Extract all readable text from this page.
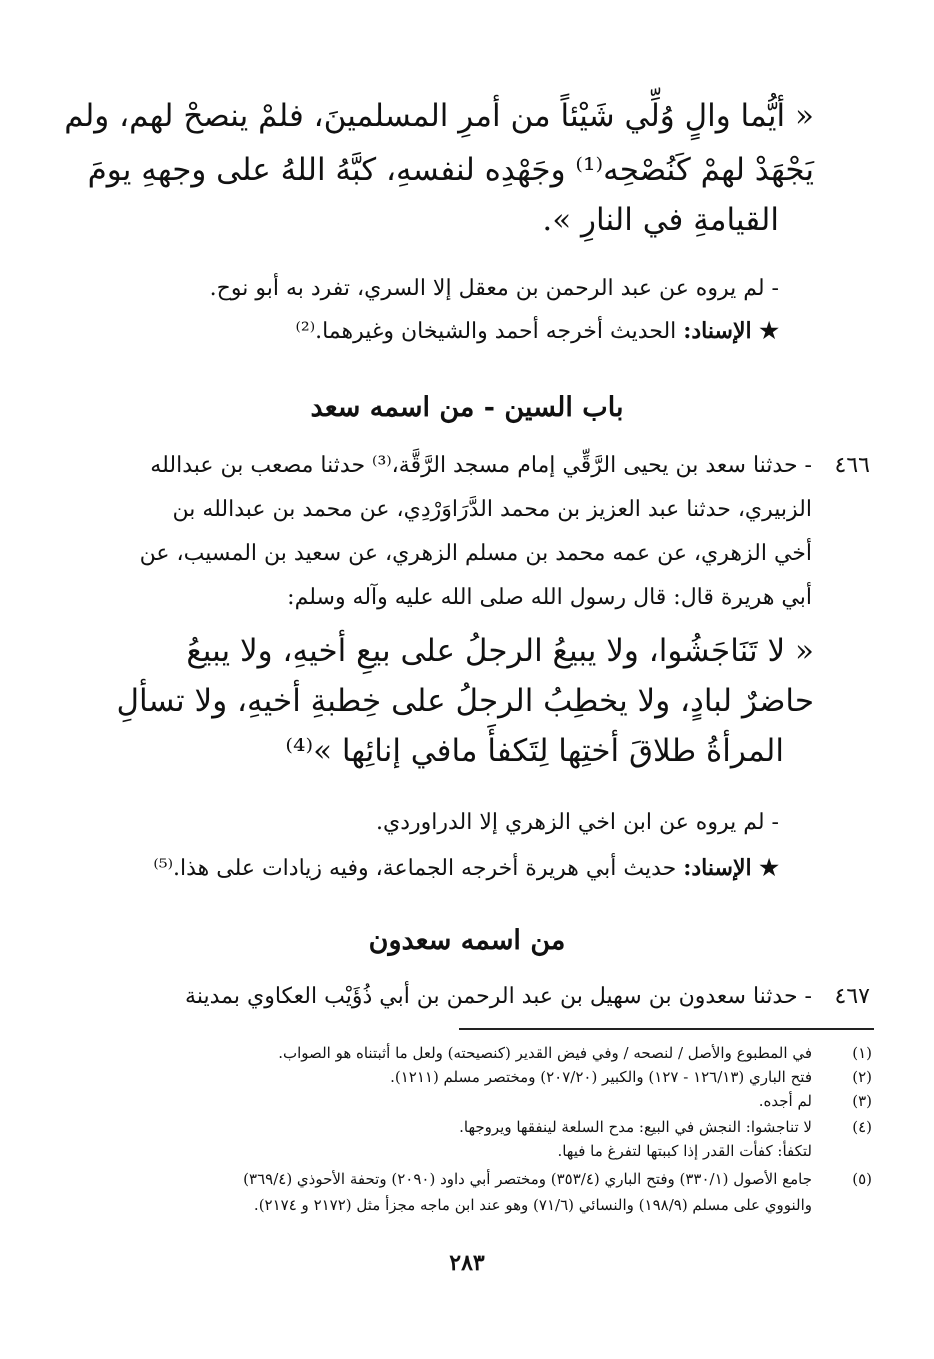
« أيُّما والٍ وُلِّي شَيْئاً من أمرِ المسلمينَ، فلمْ ينصحْ لهم، ولم
يَجْهَدْ لهمْ كَنُصْحِه⁽¹⁾ وجَهْدِه لنفسهِ، كبَّهُ اللهُ على وجههِ يومَ
القيامةِ في النارِ ».
- لم يروه عن عبد الرحمن بن معقل إلا السري، تفرد به أبو نوح.
★ الإسناد: الحديث أخرجه أحمد والشيخان وغيرهما.⁽²⁾
باب السين - من اسمه سعد
٤٦٦
- حدثنا سعد بن يحيى الرَّقِّي إمام مسجد الرَّقَّة،⁽³⁾ حدثنا مصعب بن عبدالله
الزبيري، حدثنا عبد العزيز بن محمد الدَّرَاوَرْدِي، عن محمد بن عبدالله بن
أخي الزهري، عن عمه محمد بن مسلم الزهري، عن سعيد بن المسيب، عن
أبي هريرة قال: قال رسول الله صلى الله عليه وآله وسلم:
« لا تَنَاجَشُوا، ولا يبيعُ الرجلُ على بيعِ أخيهِ، ولا يبيعُ
حاضرٌ لبادٍ، ولا يخطِبُ الرجلُ على خِطبةِ أخيهِ، ولا تسألِ
المرأةُ طلاقَ أختِها لِتَكفأَ مافي إنائِها »⁽⁴⁾
- لم يروه عن ابن اخي الزهري إلا الدراوردي.
★ الإسناد: حديث أبي هريرة أخرجه الجماعة، وفيه زيادات على هذا.⁽⁵⁾
من اسمه سعدون
٤٦٧
- حدثنا سعدون بن سهيل بن عبد الرحمن بن أبي ذُؤَيْب العكاوي بمدينة
(١)
في المطبوع والأصل / لنصحه / وفي فيض القدير (كنصيحته) ولعل ما أثبتناه هو الصواب.
(٢)
فتح الباري (١٢٦/١٣ - ١٢٧) والكبير (٢٠٧/٢٠) ومختصر مسلم (١٢١١).
(٣)
لم أجده.
(٤)
لا تناجشوا: النجش في البيع: مدح السلعة لينفقها ويروجها.
لتكفأ: كفأت القدر إذا كببتها لتفرغ ما فيها.
(٥)
جامع الأصول (٣٣٠/١) وفتح الباري (٣٥٣/٤) ومختصر أبي داود (٢٠٩٠) وتحفة الأحوذي (٣٦٩/٤)
والنووي على مسلم (١٩٨/٩) والنسائي (٧١/٦) وهو عند ابن ماجه مجزأ مثل (٢١٧٢ و ٢١٧٤).
٢٨٣
